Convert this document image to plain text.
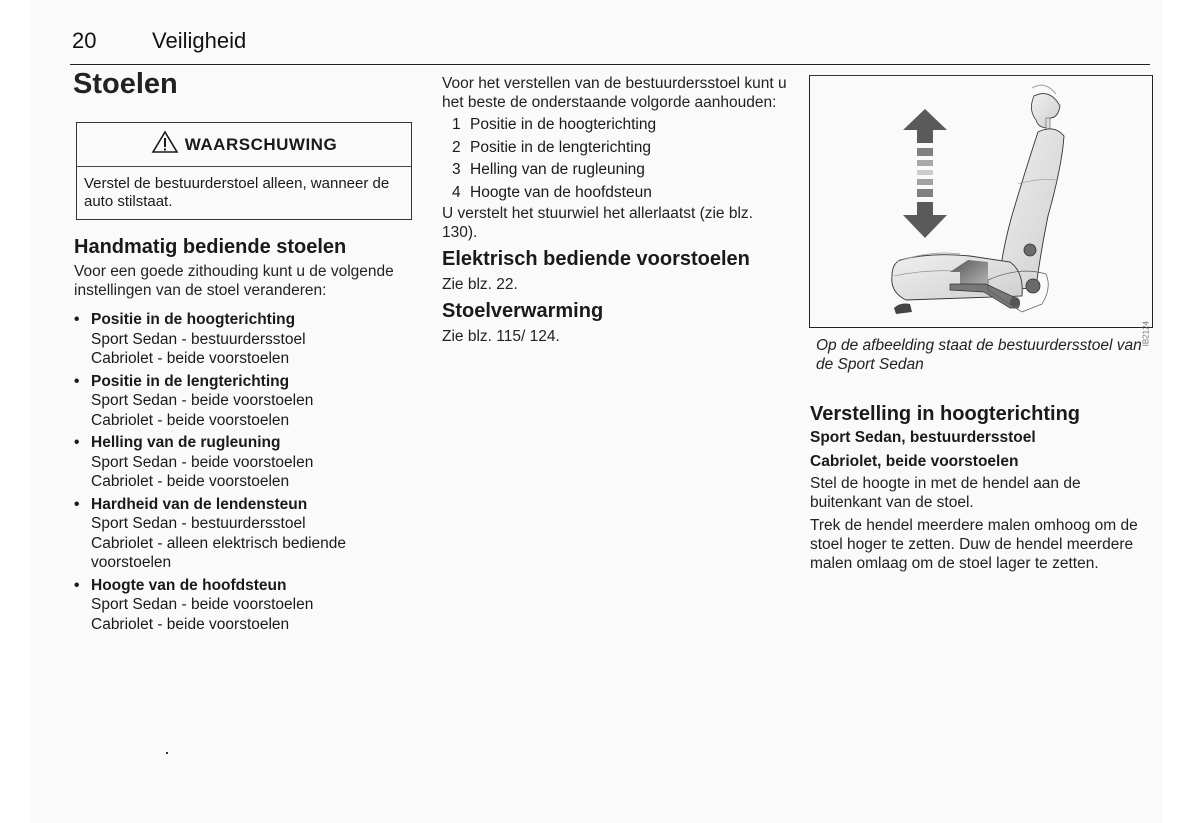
20	Veiligheid
Stoelen
WAARSCHUWING
Verstel de bestuurderstoel alleen, wanneer de auto stilstaat.
Handmatig bediende stoelen
Voor een goede zithouding kunt u de volgende instellingen van de stoel veranderen:
• Positie in de hoogterichting
Sport Sedan - bestuurdersstoel
Cabriolet - beide voorstoelen
• Positie in de lengterichting
Sport Sedan - beide voorstoelen
Cabriolet - beide voorstoelen
• Helling van de rugleuning
Sport Sedan - beide voorstoelen
Cabriolet - beide voorstoelen
• Hardheid van de lendensteun
Sport Sedan - bestuurdersstoel
Cabriolet - alleen elektrisch bediende voorstoelen
• Hoogte van de hoofdsteun
Sport Sedan - beide voorstoelen
Cabriolet - beide voorstoelen
Voor het verstellen van de bestuurdersstoel kunt u het beste de onderstaande volgorde aanhouden:
1 Positie in de hoogterichting
2 Positie in de lengterichting
3 Helling van de rugleuning
4 Hoogte van de hoofdsteun
U verstelt het stuurwiel het allerlaatst (zie blz. 130).
Elektrisch bediende voorstoelen
Zie blz. 22.
Stoelverwarming
Zie blz. 115/ 124.	IB2124
Op de afbeelding staat de bestuurdersstoel van de Sport Sedan
Verstelling in hoogterichting
Sport Sedan, bestuurdersstoel
Cabriolet, beide voorstoelen
Stel de hoogte in met de hendel aan de buitenkant van de stoel.
Trek de hendel meerdere malen omhoog om de stoel hoger te zetten. Duw de hendel meerdere malen omlaag om de stoel lager te zetten.
